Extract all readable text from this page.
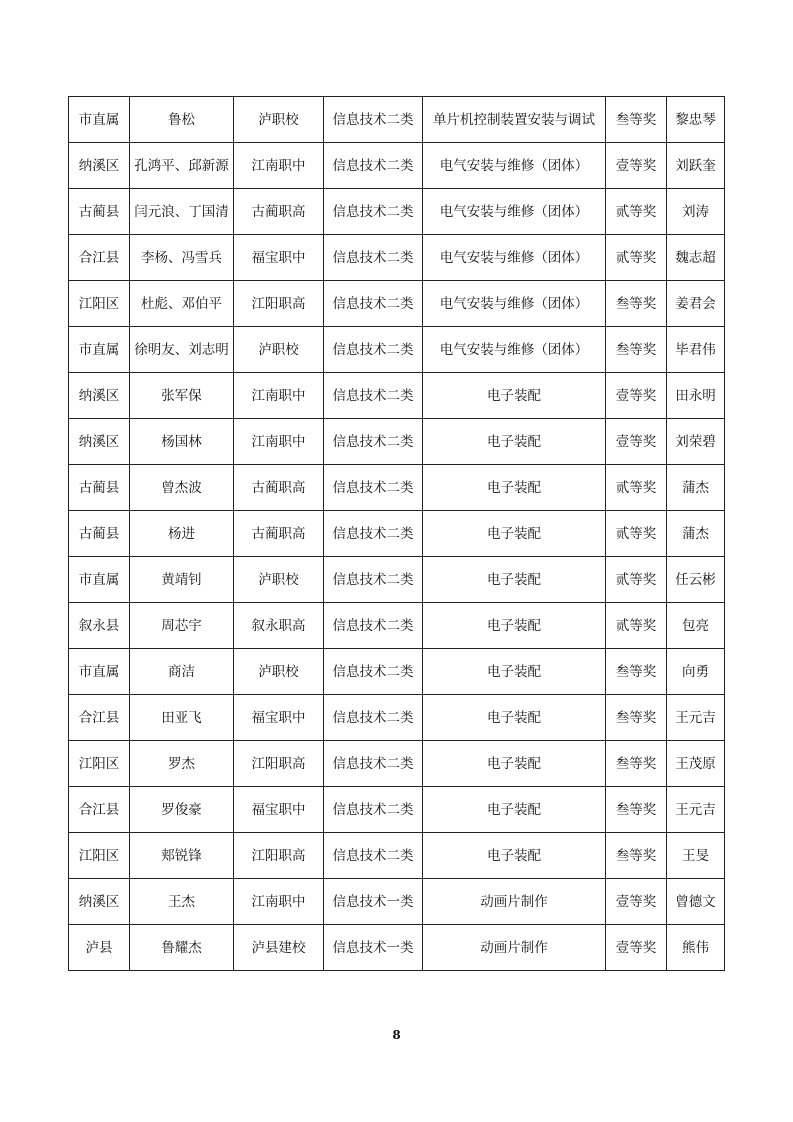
市直属	鲁松	泸职校	信息技术二类	单片机控制装置安装与调试	叁等奖	黎忠琴
纳溪区	孔鸿平、邱新源	江南职中	信息技术二类	电气安装与维修（团体）	壹等奖	刘跃奎
古蔺县	闫元浪、丁国清	古蔺职高	信息技术二类	电气安装与维修（团体）	贰等奖	刘涛
合江县	李杨、冯雪兵	福宝职中	信息技术二类	电气安装与维修（团体）	贰等奖	魏志超
江阳区	杜彪、邓伯平	江阳职高	信息技术二类	电气安装与维修（团体）	叁等奖	姜君会
市直属	徐明友、刘志明	泸职校	信息技术二类	电气安装与维修（团体）	叁等奖	毕君伟
纳溪区	张军保	江南职中	信息技术二类	电子装配	壹等奖	田永明
纳溪区	杨国林	江南职中	信息技术二类	电子装配	壹等奖	刘荣碧
古蔺县	曾杰波	古蔺职高	信息技术二类	电子装配	贰等奖	蒲杰
古蔺县	杨进	古蔺职高	信息技术二类	电子装配	贰等奖	蒲杰
市直属	黄靖钊	泸职校	信息技术二类	电子装配	贰等奖	任云彬
叙永县	周芯宇	叙永职高	信息技术二类	电子装配	贰等奖	包亮
市直属	商洁	泸职校	信息技术二类	电子装配	叁等奖	向勇
合江县	田亚飞	福宝职中	信息技术二类	电子装配	叁等奖	王元吉
江阳区	罗杰	江阳职高	信息技术二类	电子装配	叁等奖	王茂原
合江县	罗俊豪	福宝职中	信息技术二类	电子装配	叁等奖	王元吉
江阳区	郏锐锋	江阳职高	信息技术二类	电子装配	叁等奖	王旻
纳溪区	王杰	江南职中	信息技术一类	动画片制作	壹等奖	曾德文
泸县	鲁耀杰	泸县建校	信息技术一类	动画片制作	壹等奖	熊伟
8
